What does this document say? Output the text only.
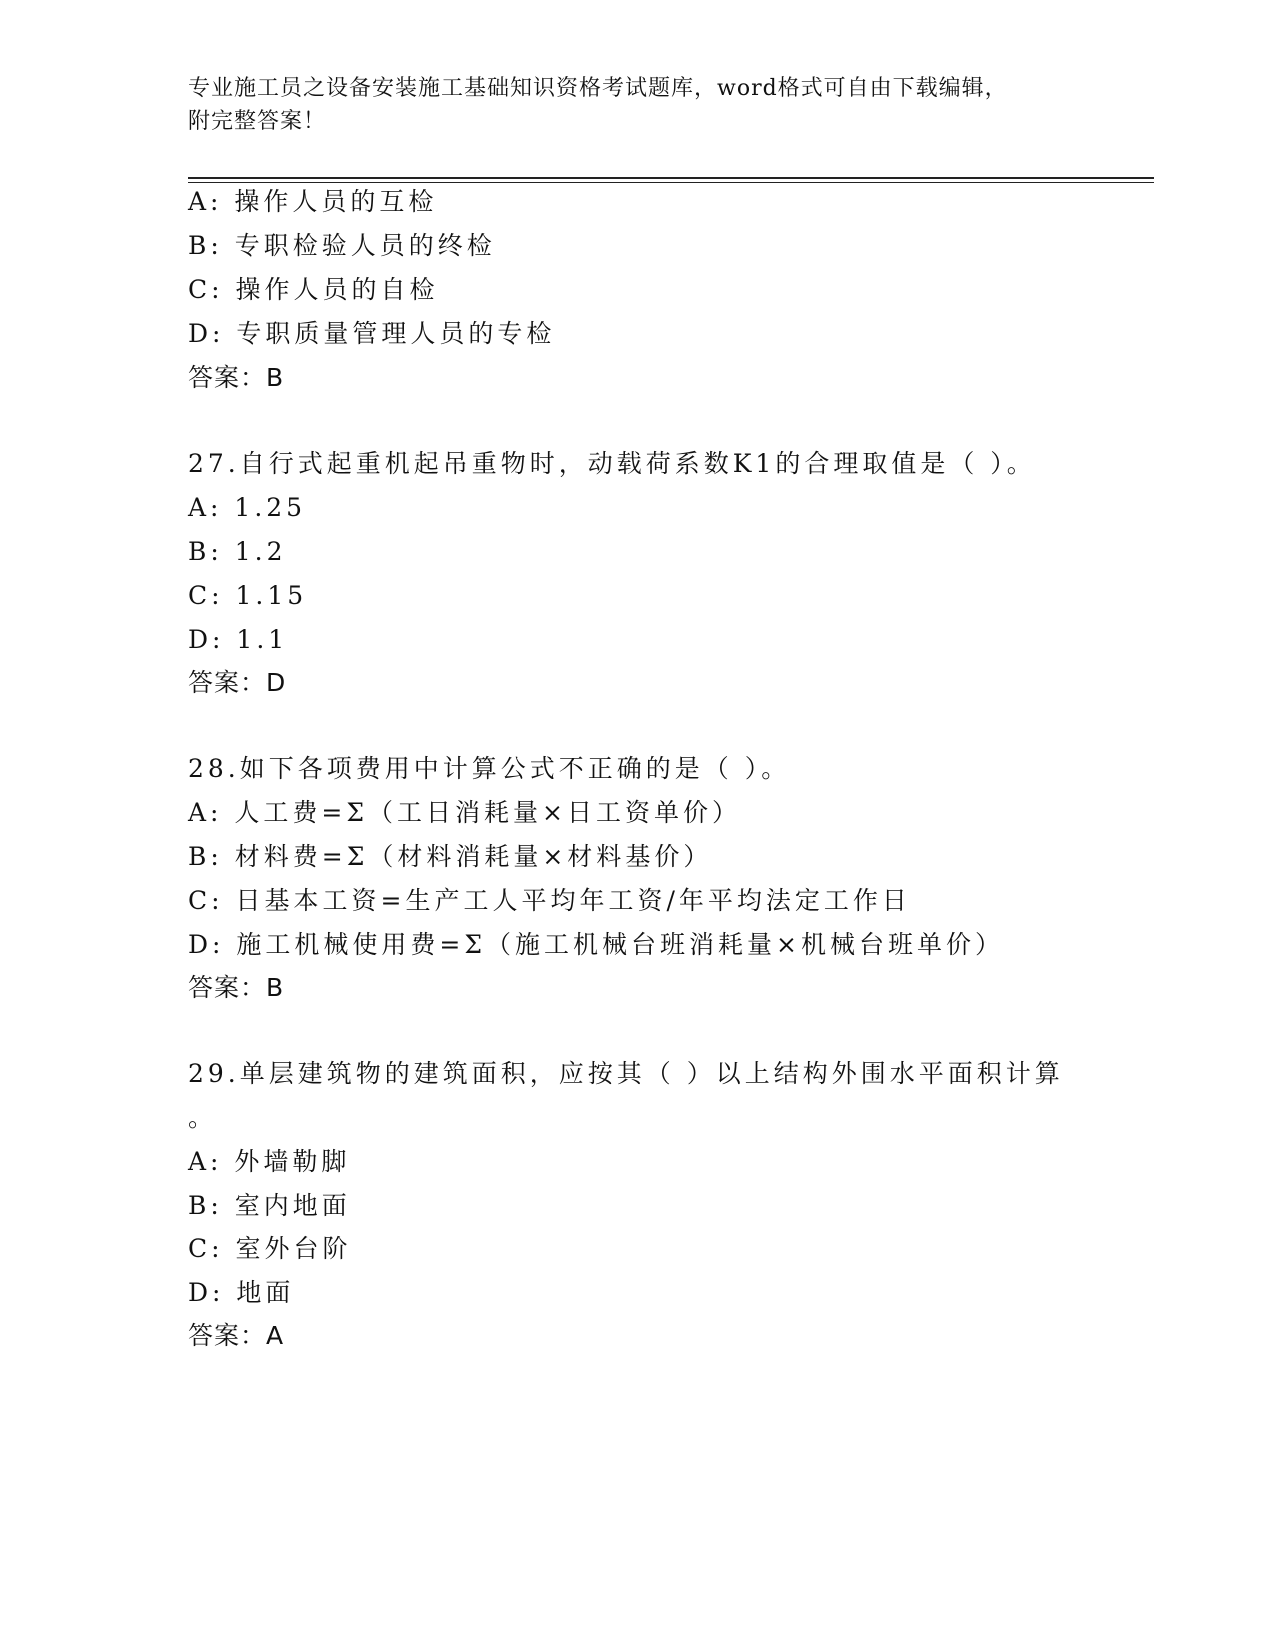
专业施工员之设备安装施工基础知识资格考试题库，word格式可自由下载编辑，
附完整答案！
A: 操作人员的互检
B: 专职检验人员的终检
C: 操作人员的自检
D: 专职质量管理人员的专检
答案：B
27.自行式起重机起吊重物时，动载荷系数K1的合理取值是（ ）。
A: 1.25
B: 1.2
C: 1.15
D: 1.1
答案：D
28.如下各项费用中计算公式不正确的是（ ）。
A: 人工费=Σ（工日消耗量×日工资单价）
B: 材料费=Σ（材料消耗量×材料基价）
C: 日基本工资=生产工人平均年工资/年平均法定工作日
D: 施工机械使用费=Σ（施工机械台班消耗量×机械台班单价）
答案：B
29.单层建筑物的建筑面积，应按其（ ）以上结构外围水平面积计算
。
A: 外墙勒脚
B: 室内地面
C: 室外台阶
D: 地面
答案：A
